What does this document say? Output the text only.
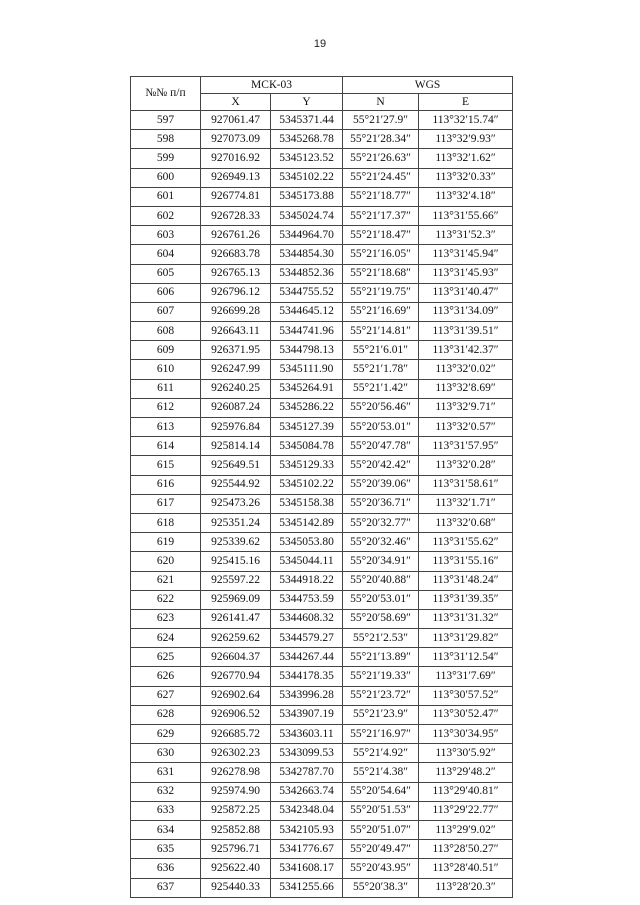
19
№№ п/п	МСК-03		WGS	
	X	Y	N	E
597	927061.47	5345371.44	55°21′27.9″	113°32′15.74″
598	927073.09	5345268.78	55°21′28.34″	113°32′9.93″
599	927016.92	5345123.52	55°21′26.63″	113°32′1.62″
600	926949.13	5345102.22	55°21′24.45″	113°32′0.33″
601	926774.81	5345173.88	55°21′18.77″	113°32′4.18″
602	926728.33	5345024.74	55°21′17.37″	113°31′55.66″
603	926761.26	5344964.70	55°21′18.47″	113°31′52.3″
604	926683.78	5344854.30	55°21′16.05″	113°31′45.94″
605	926765.13	5344852.36	55°21′18.68″	113°31′45.93″
606	926796.12	5344755.52	55°21′19.75″	113°31′40.47″
607	926699.28	5344645.12	55°21′16.69″	113°31′34.09″
608	926643.11	5344741.96	55°21′14.81″	113°31′39.51″
609	926371.95	5344798.13	55°21′6.01″	113°31′42.37″
610	926247.99	5345111.90	55°21′1.78″	113°32′0.02″
611	926240.25	5345264.91	55°21′1.42″	113°32′8.69″
612	926087.24	5345286.22	55°20′56.46″	113°32′9.71″
613	925976.84	5345127.39	55°20′53.01″	113°32′0.57″
614	925814.14	5345084.78	55°20′47.78″	113°31′57.95″
615	925649.51	5345129.33	55°20′42.42″	113°32′0.28″
616	925544.92	5345102.22	55°20′39.06″	113°31′58.61″
617	925473.26	5345158.38	55°20′36.71″	113°32′1.71″
618	925351.24	5345142.89	55°20′32.77″	113°32′0.68″
619	925339.62	5345053.80	55°20′32.46″	113°31′55.62″
620	925415.16	5345044.11	55°20′34.91″	113°31′55.16″
621	925597.22	5344918.22	55°20′40.88″	113°31′48.24″
622	925969.09	5344753.59	55°20′53.01″	113°31′39.35″
623	926141.47	5344608.32	55°20′58.69″	113°31′31.32″
624	926259.62	5344579.27	55°21′2.53″	113°31′29.82″
625	926604.37	5344267.44	55°21′13.89″	113°31′12.54″
626	926770.94	5344178.35	55°21′19.33″	113°31′7.69″
627	926902.64	5343996.28	55°21′23.72″	113°30′57.52″
628	926906.52	5343907.19	55°21′23.9″	113°30′52.47″
629	926685.72	5343603.11	55°21′16.97″	113°30′34.95″
630	926302.23	5343099.53	55°21′4.92″	113°30′5.92″
631	926278.98	5342787.70	55°21′4.38″	113°29′48.2″
632	925974.90	5342663.74	55°20′54.64″	113°29′40.81″
633	925872.25	5342348.04	55°20′51.53″	113°29′22.77″
634	925852.88	5342105.93	55°20′51.07″	113°29′9.02″
635	925796.71	5341776.67	55°20′49.47″	113°28′50.27″
636	925622.40	5341608.17	55°20′43.95″	113°28′40.51″
637	925440.33	5341255.66	55°20′38.3″	113°28′20.3″
